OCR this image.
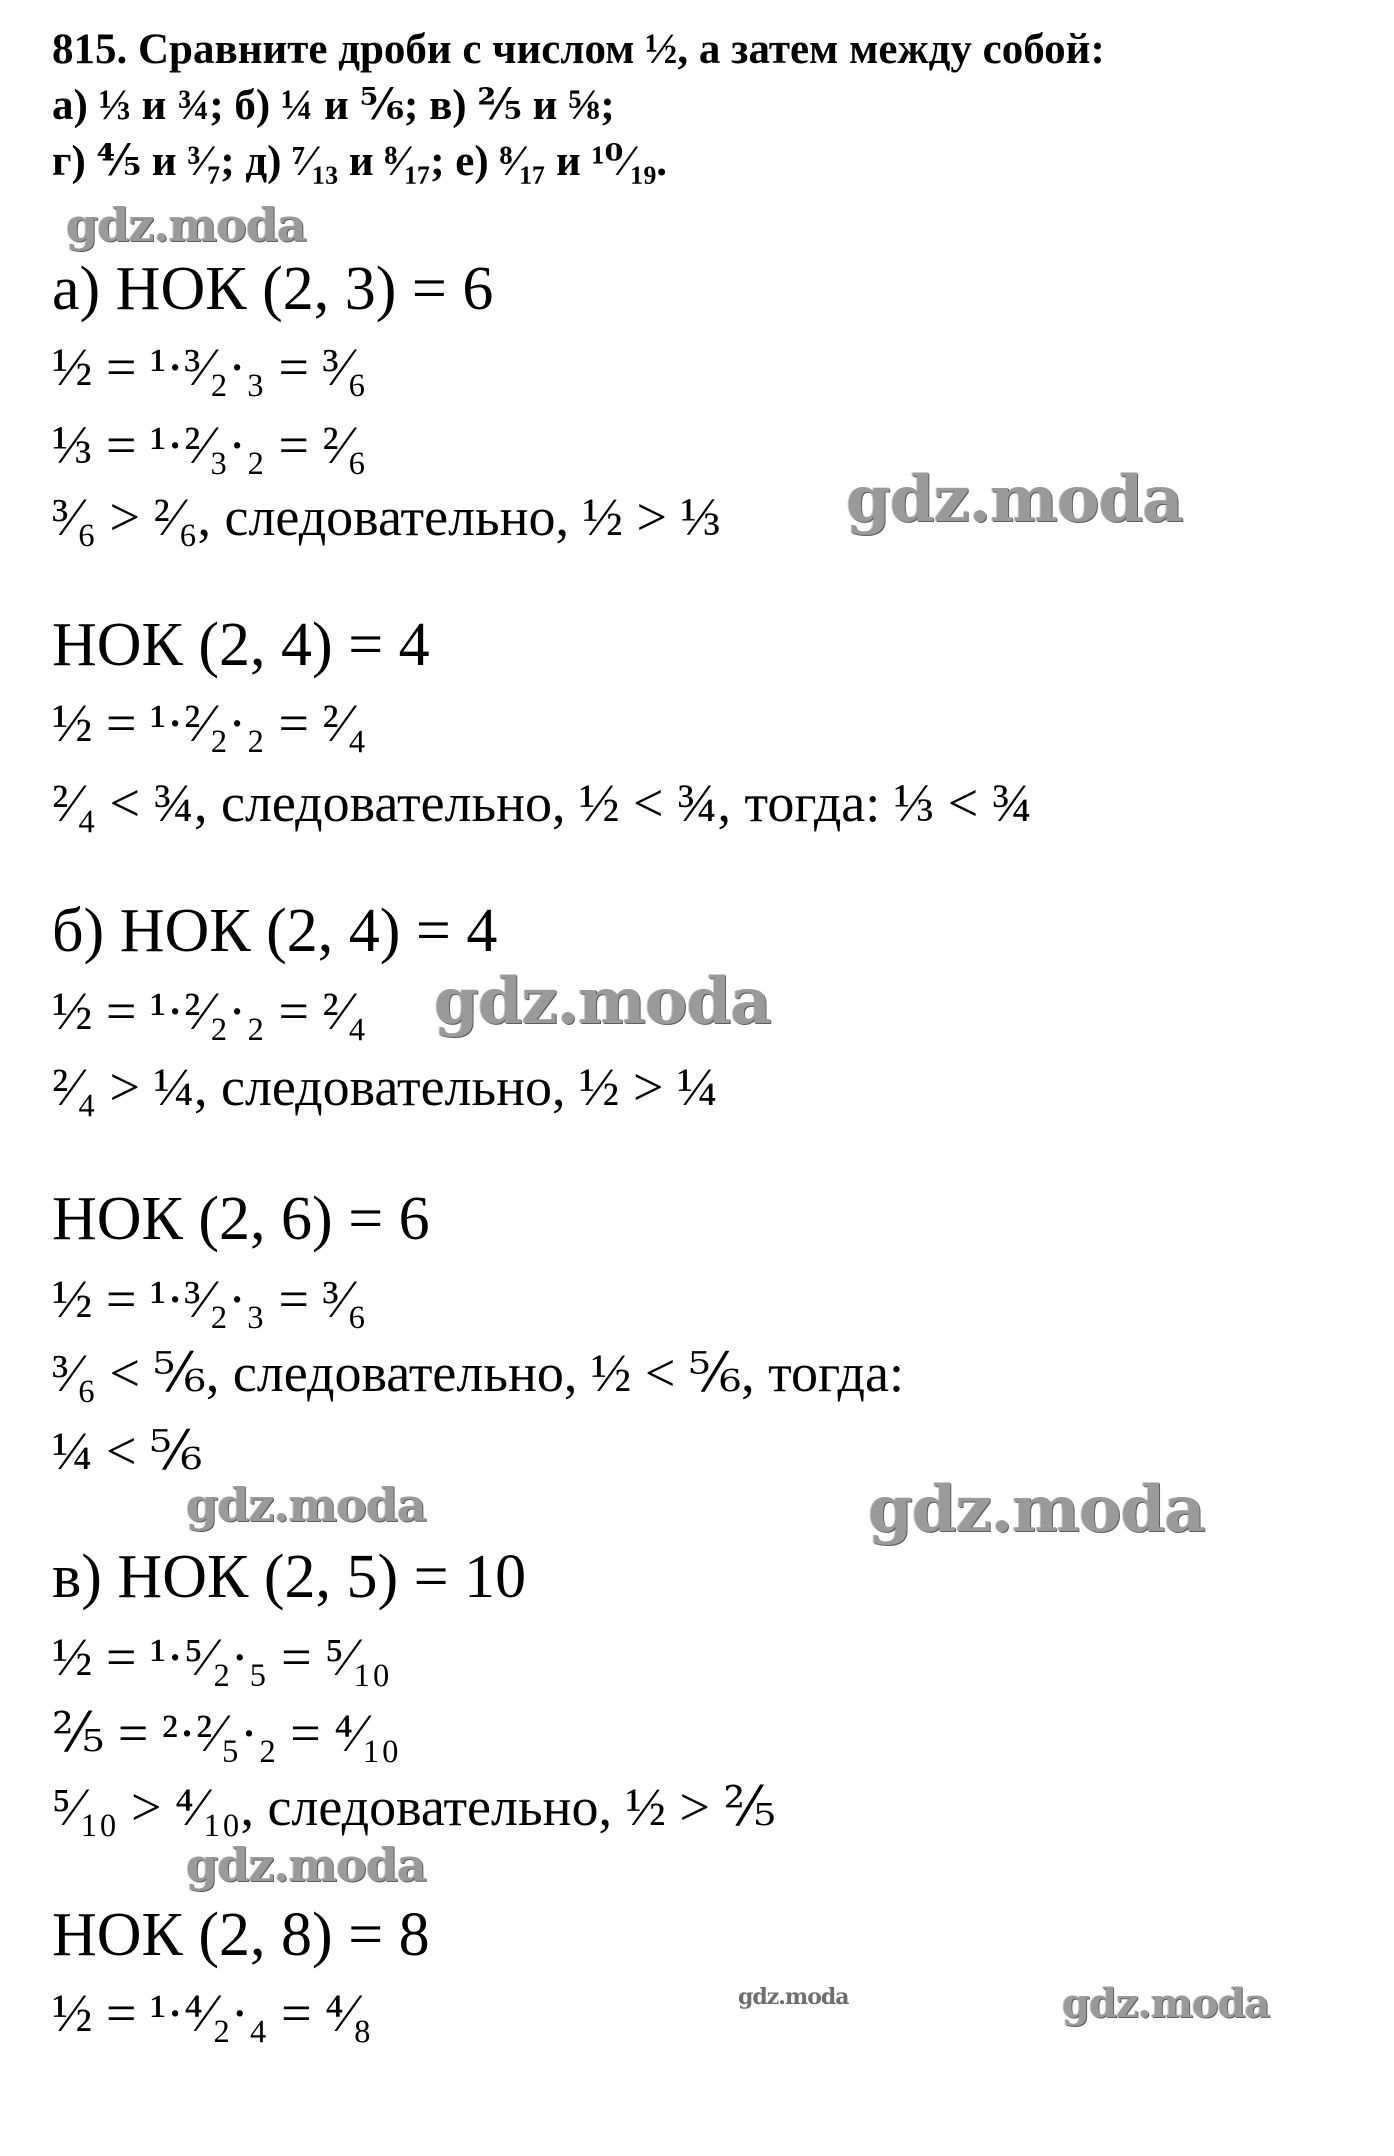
815. Сравните дроби с числом ½, а затем между собой:
а) ⅓ и ¾; б) ¼ и ⅚; в) ⅖ и ⅝;
г) ⅘ и ³⁄₇; д) ⁷⁄₁₃ и ⁸⁄₁₇; е) ⁸⁄₁₇ и ¹⁰⁄₁₉.
а) НОК (2, 3) = 6
½ = ¹·³⁄₂·₃ = ³⁄₆
⅓ = ¹·²⁄₃·₂ = ²⁄₆
³⁄₆ > ²⁄₆, следовательно, ½ > ⅓
НОК (2, 4) = 4
½ = ¹·²⁄₂·₂ = ²⁄₄
²⁄₄ < ¾, следовательно, ½ < ¾, тогда: ⅓ < ¾
б) НОК (2, 4) = 4
½ = ¹·²⁄₂·₂ = ²⁄₄
²⁄₄ > ¼, следовательно, ½ > ¼
НОК (2, 6) = 6
½ = ¹·³⁄₂·₃ = ³⁄₆
³⁄₆ < ⅚, следовательно, ½ < ⅚, тогда:
¼ < ⅚
в) НОК (2, 5) = 10
½ = ¹·⁵⁄₂·₅ = ⁵⁄₁₀
⅖ = ²·²⁄₅·₂ = ⁴⁄₁₀
⁵⁄₁₀ > ⁴⁄₁₀, следовательно, ½ > ⅖
НОК (2, 8) = 8
½ = ¹·⁴⁄₂·₄ = ⁴⁄₈
gdz.moda
gdz.moda
gdz.moda
gdz.moda	gdz.moda
gdz.moda
gdz.moda	gdz.moda
